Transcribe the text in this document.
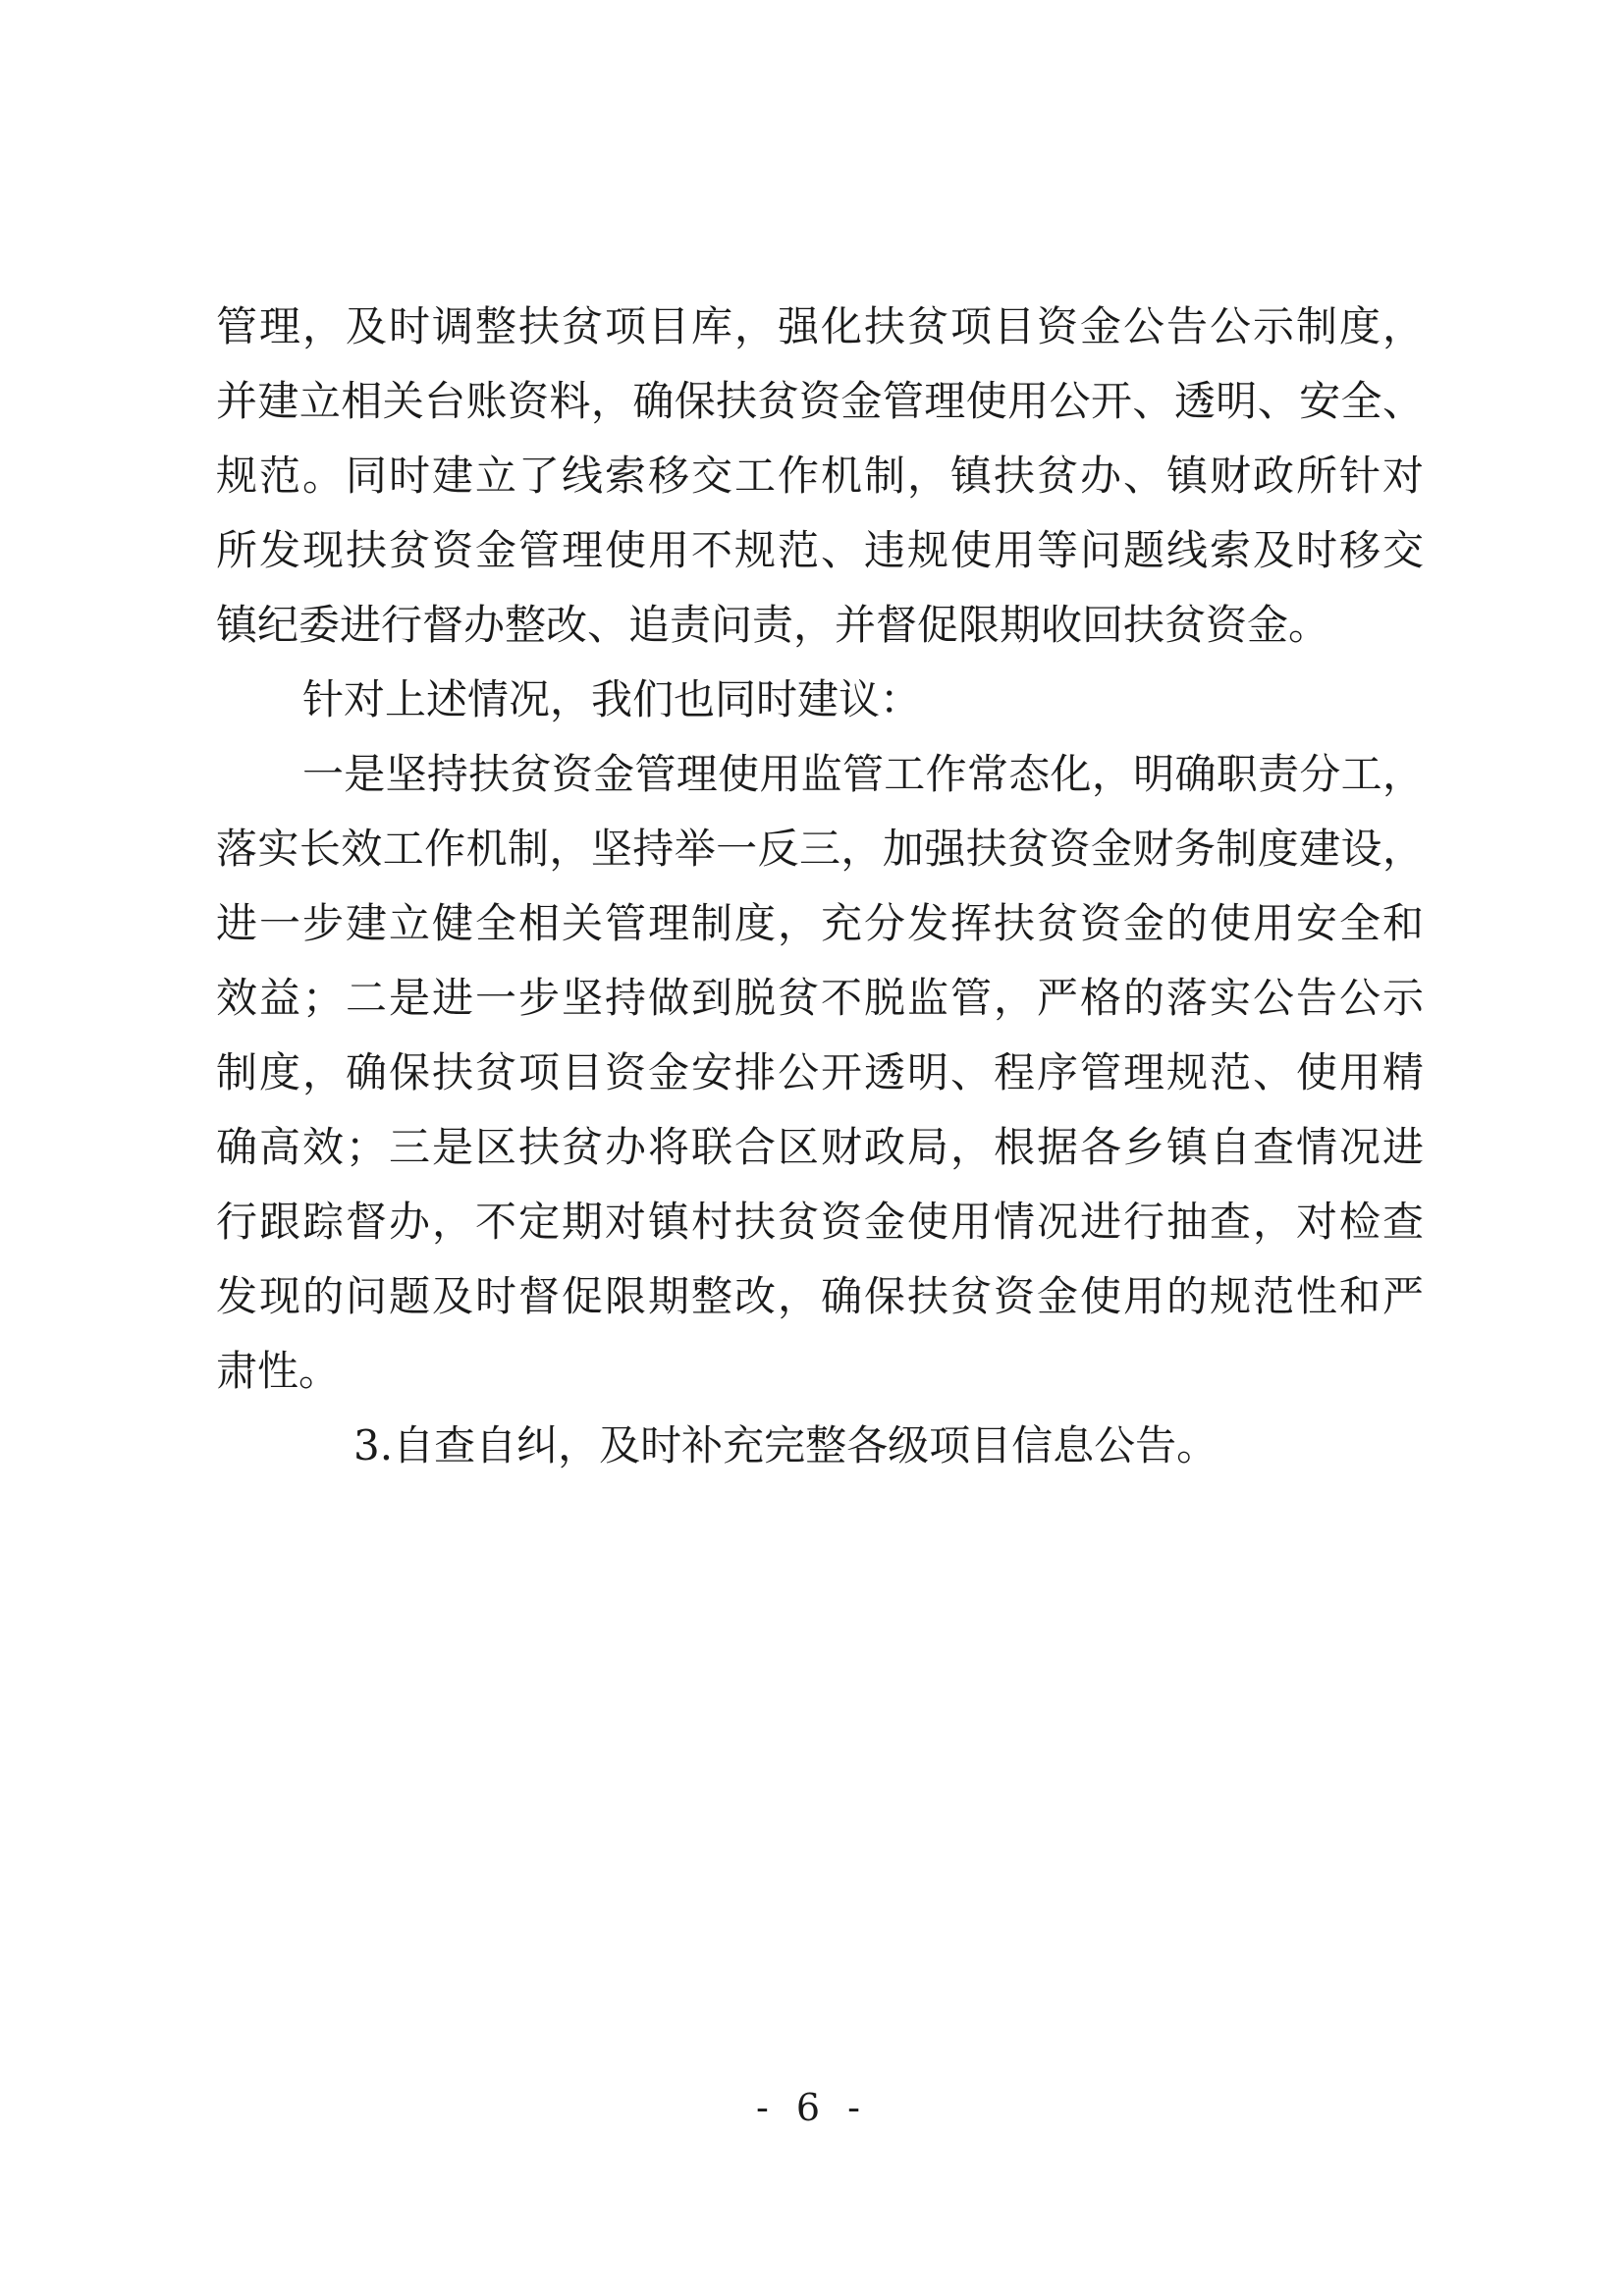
管理，及时调整扶贫项目库，强化扶贫项目资金公告公示制度，
并建立相关台账资料，确保扶贫资金管理使用公开、透明、安全、
规范。同时建立了线索移交工作机制，镇扶贫办、镇财政所针对
所发现扶贫资金管理使用不规范、违规使用等问题线索及时移交
镇纪委进行督办整改、追责问责，并督促限期收回扶贫资金。
针对上述情况，我们也同时建议：
一是坚持扶贫资金管理使用监管工作常态化，明确职责分工，
落实长效工作机制，坚持举一反三，加强扶贫资金财务制度建设，
进一步建立健全相关管理制度，充分发挥扶贫资金的使用安全和
效益；二是进一步坚持做到脱贫不脱监管，严格的落实公告公示
制度，确保扶贫项目资金安排公开透明、程序管理规范、使用精
确高效；三是区扶贫办将联合区财政局，根据各乡镇自查情况进
行跟踪督办，不定期对镇村扶贫资金使用情况进行抽查，对检查
发现的问题及时督促限期整改，确保扶贫资金使用的规范性和严
肃性。
3.自查自纠，及时补充完整各级项目信息公告。
- 6 -
